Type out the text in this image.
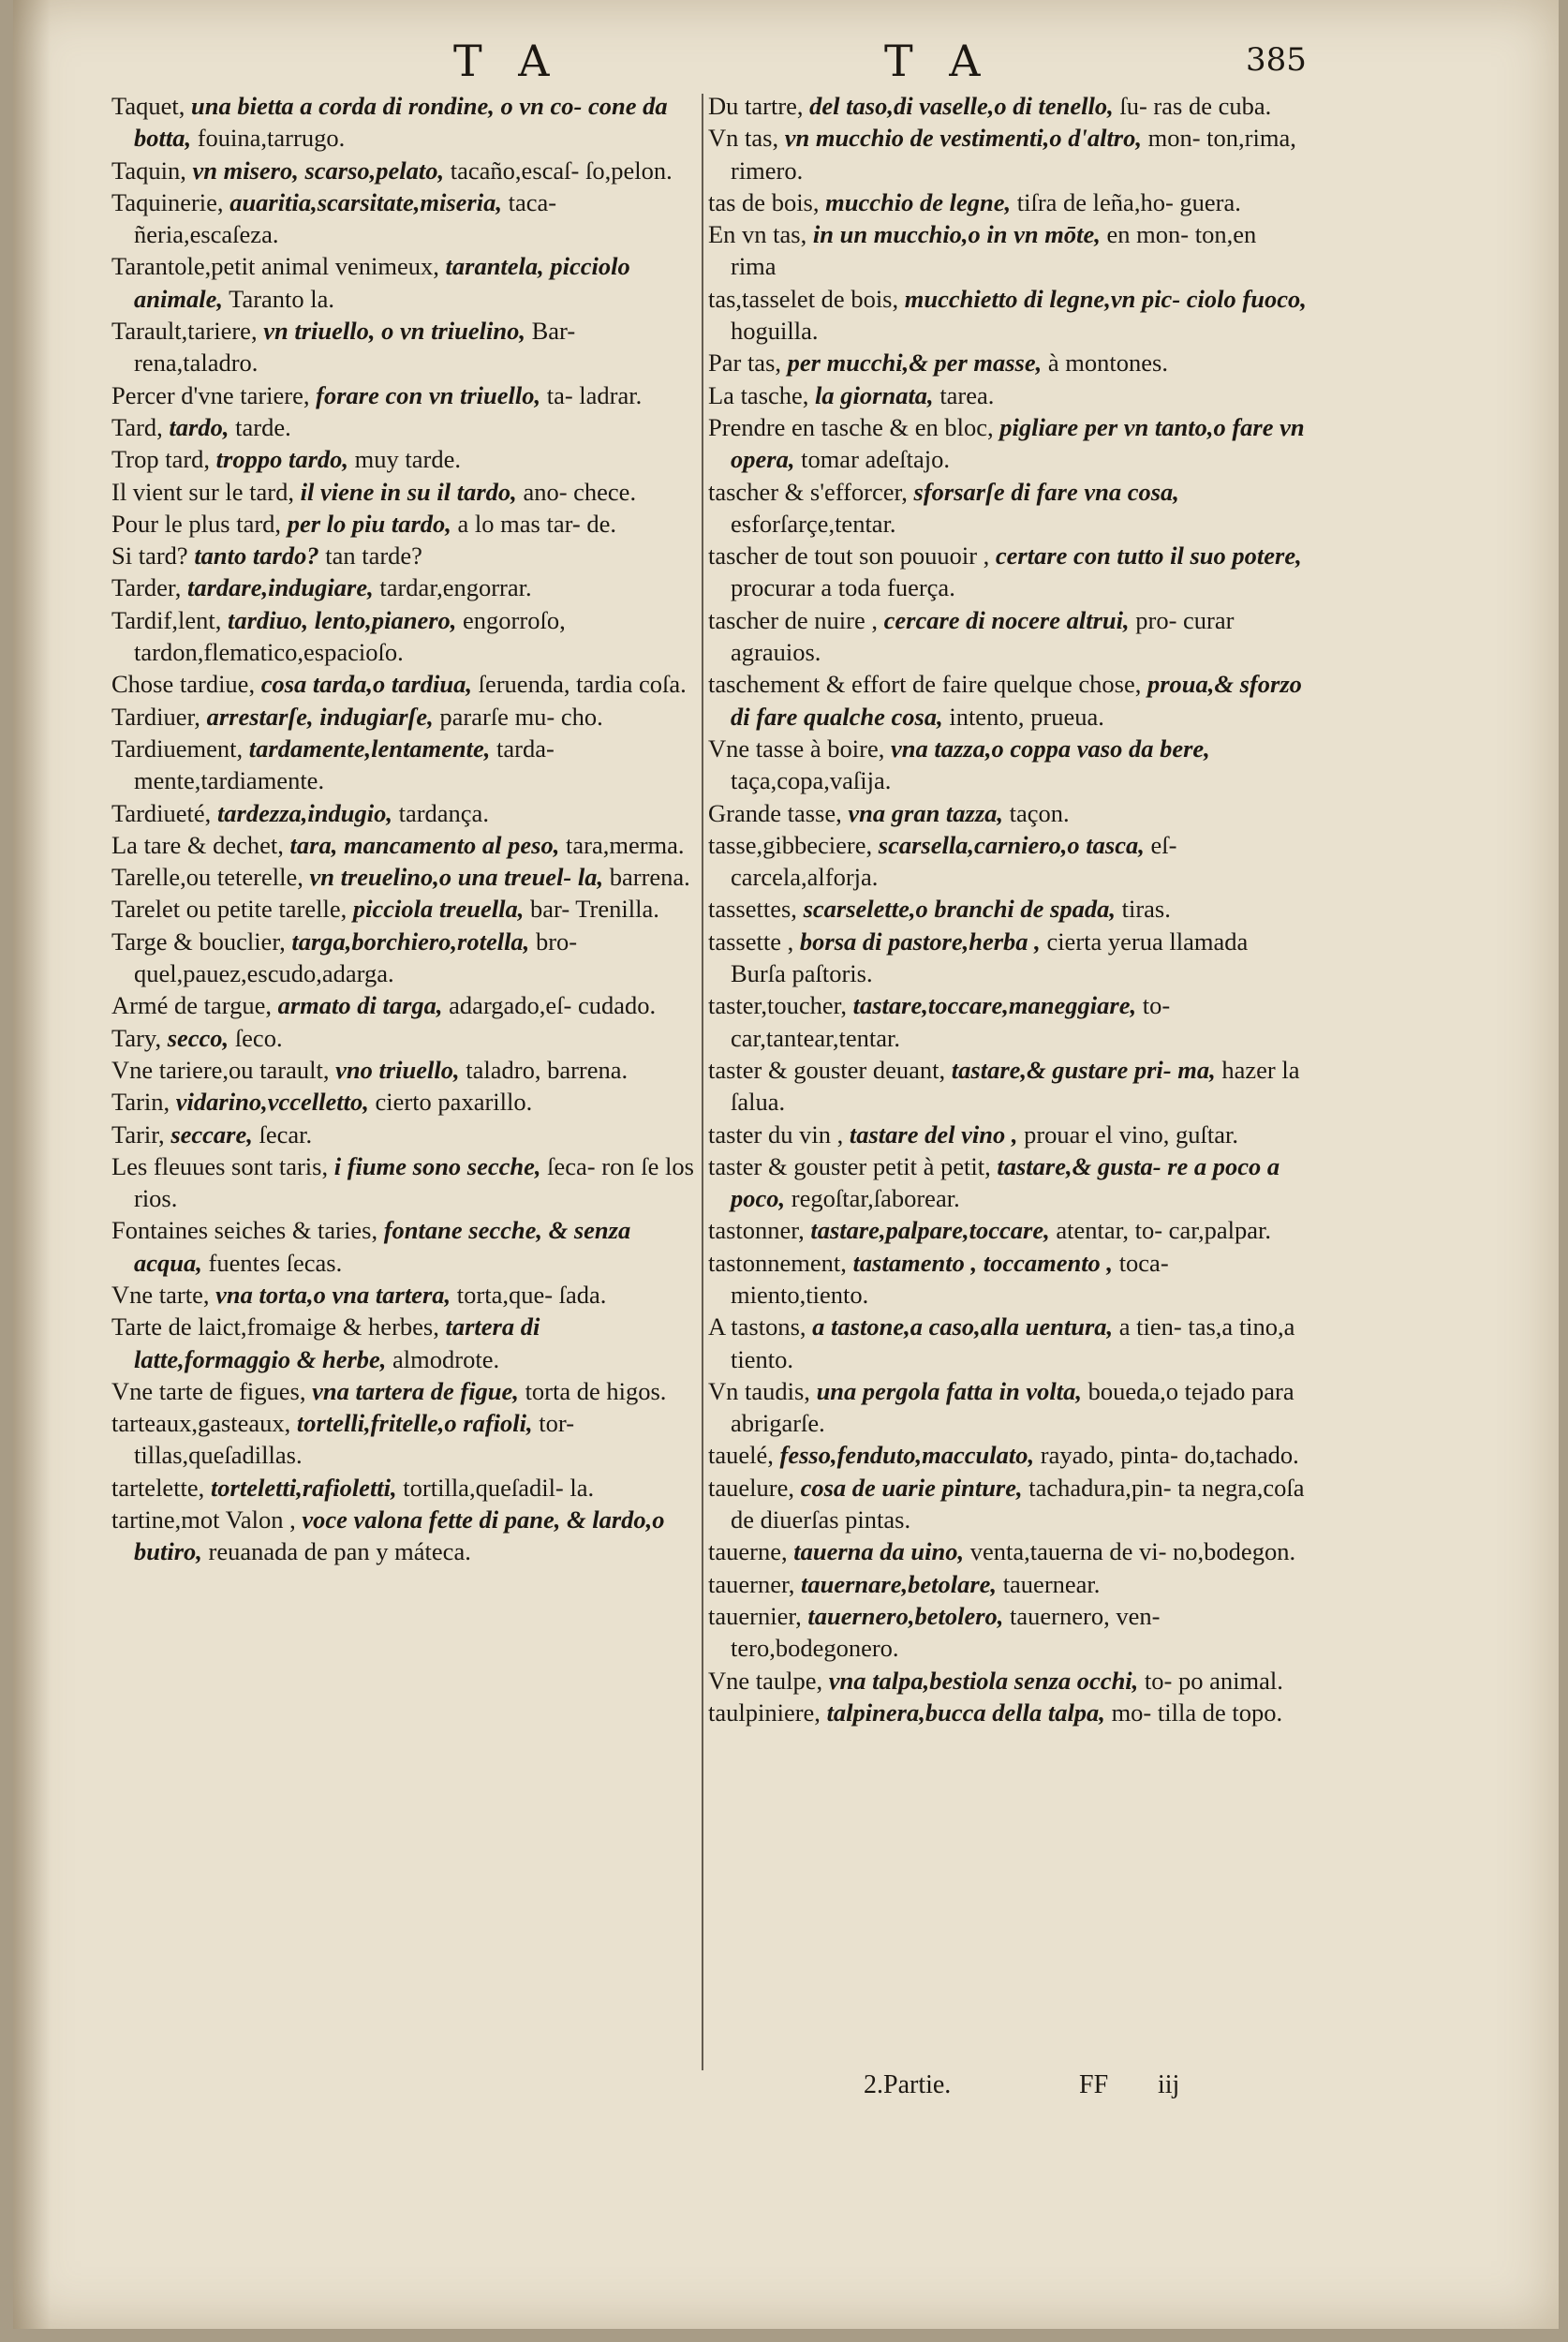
T A	T A	385
Taquet, una bietta a corda di rondine, o vn co- cone da botta, fouina,tarrugo.
Taquin, vn misero, scarso,pelato, tacaño,escaſ- ſo,pelon.
Taquinerie, auaritia,scarsitate,miseria, taca- ñeria,escaſeza.
Tarantole,petit animal venimeux, tarantela, picciolo animale, Taranto la.
Tarault,tariere, vn triuello, o vn triuelino, Bar- rena,taladro.
Percer d'vne tariere, forare con vn triuello, ta- ladrar.
Tard, tardo, tarde.
Trop tard, troppo tardo, muy tarde.
Il vient sur le tard, il viene in su il tardo, ano- chece.
Pour le plus tard, per lo piu tardo, a lo mas tar- de.
Si tard? tanto tardo? tan tarde?
Tarder, tardare,indugiare, tardar,engorrar.
Tardif,lent, tardiuo, lento,pianero, engorroſo, tardon,flematico,espacioſo.
Chose tardiue, cosa tarda,o tardiua, ſeruenda, tardia coſa.
Tardiuer, arrestarſe, indugiarſe, pararſe mu- cho.
Tardiuement, tardamente,lentamente, tarda- mente,tardiamente.
Tardiueté, tardezza,indugio, tardança.
La tare & dechet, tara, mancamento al peso, tara,merma.
Tarelle,ou teterelle, vn treuelino,o una treuel- la, barrena.
Tarelet ou petite tarelle, picciola treuella, bar- Trenilla.
Targe & bouclier, targa,borchiero,rotella, bro- quel,pauez,escudo,adarga.
Armé de targue, armato di targa, adargado,eſ- cudado.
Tary, secco, ſeco.
Vne tariere,ou tarault, vno triuello, taladro, barrena.
Tarin, vidarino,vccelletto, cierto paxarillo.
Tarir, seccare, ſecar.
Les fleuues sont taris, i fiume sono secche, ſeca- ron ſe los rios.
Fontaines seiches & taries, fontane secche, & senza acqua, fuentes ſecas.
Vne tarte, vna torta,o vna tartera, torta,que- ſada.
Tarte de laict,fromaige & herbes, tartera di latte,formaggio & herbe, almodrote.
Vne tarte de figues, vna tartera de figue, torta de higos.
tarteaux,gasteaux, tortelli,fritelle,o rafioli, tor- tillas,queſadillas.
tartelette, torteletti,rafioletti, tortilla,queſadil- la.
tartine,mot Valon , voce valona fette di pane, & lardo,o butiro, reuanada de pan y máteca.
Du tartre, del taso,di vaselle,o di tenello, ſu- ras de cuba.
Vn tas, vn mucchio de vestimenti,o d'altro, mon- ton,rima, rimero.
tas de bois, mucchio de legne, tiſra de leña,ho- guera.
En vn tas, in un mucchio,o in vn mōte, en mon- ton,en rima
tas,tasselet de bois, mucchietto di legne,vn pic- ciolo fuoco, hoguilla.
Par tas, per mucchi,& per masse, à montones.
La tasche, la giornata, tarea.
Prendre en tasche & en bloc, pigliare per vn tanto,o fare vn opera, tomar adeſtajo.
tascher & s'efforcer, sforsarſe di fare vna cosa, esforſarçe,tentar.
tascher de tout son pouuoir , certare con tutto il suo potere, procurar a toda fuerça.
tascher de nuire , cercare di nocere altrui, pro- curar agrauios.
taschement & effort de faire quelque chose, proua,& sforzo di fare qualche cosa, intento, prueua.
Vne tasse à boire, vna tazza,o coppa vaso da bere, taça,copa,vaſija.
Grande tasse, vna gran tazza, taçon.
tasse,gibbeciere, scarsella,carniero,o tasca, eſ- carcela,alforja.
tassettes, scarselette,o branchi de spada, tiras.
tassette , borsa di pastore,herba , cierta yerua llamada Burſa paſtoris.
taster,toucher, tastare,toccare,maneggiare, to- car,tantear,tentar.
taster & gouster deuant, tastare,& gustare pri- ma, hazer la ſalua.
taster du vin , tastare del vino , prouar el vino, guſtar.
taster & gouster petit à petit, tastare,& gusta- re a poco a poco, regoſtar,ſaborear.
tastonner, tastare,palpare,toccare, atentar, to- car,palpar.
tastonnement, tastamento , toccamento , toca- miento,tiento.
A tastons, a tastone,a caso,alla uentura, a tien- tas,a tino,a tiento.
Vn taudis, una pergola fatta in volta, boueda,o tejado para abrigarſe.
tauelé, fesso,fenduto,macculato, rayado, pinta- do,tachado.
tauelure, cosa de uarie pinture, tachadura,pin- ta negra,coſa de diuerſas pintas.
tauerne, tauerna da uino, venta,tauerna de vi- no,bodegon.
tauerner, tauernare,betolare, tauernear.
tauernier, tauernero,betolero, tauernero, ven- tero,bodegonero.
Vne taulpe, vna talpa,bestiola senza occhi, to- po animal.
taulpiniere, talpinera,bucca della talpa, mo- tilla de topo.
2.Partie.	FF iij
